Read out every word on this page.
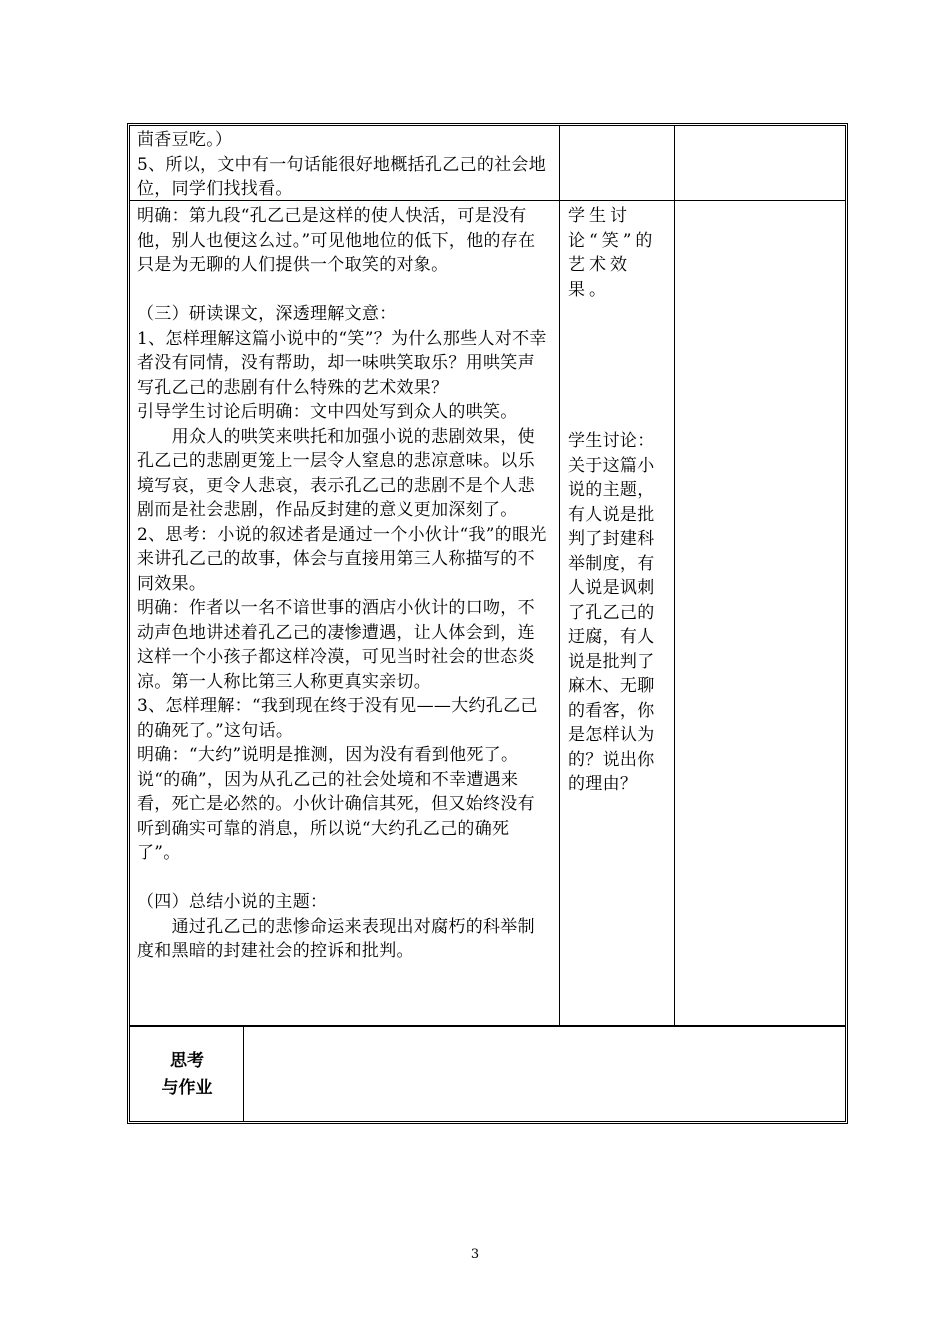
茴香豆吃。）
5、所以，文中有一句话能很好地概括孔乙己的社会地位，同学们找找看。
明确：第九段“孔乙己是这样的使人快活，可是没有他，别人也便这么过。”可见他地位的低下，他的存在只是为无聊的人们提供一个取笑的对象。

（三）研读课文，深透理解文意：
1、怎样理解这篇小说中的“笑”？为什么那些人对不幸者没有同情，没有帮助，却一味哄笑取乐？用哄笑声写孔乙己的悲剧有什么特殊的艺术效果？
引导学生讨论后明确：文中四处写到众人的哄笑。
　　用众人的哄笑来哄托和加强小说的悲剧效果，使孔乙己的悲剧更笼上一层令人窒息的悲凉意味。以乐境写哀，更令人悲哀，表示孔乙己的悲剧不是个人悲剧而是社会悲剧，作品反封建的意义更加深刻了。
2、思考：小说的叙述者是通过一个小伙计“我”的眼光来讲孔乙己的故事，体会与直接用第三人称描写的不同效果。
明确：作者以一名不谙世事的酒店小伙计的口吻，不动声色地讲述着孔乙己的凄惨遭遇，让人体会到，连这样一个小孩子都这样冷漠，可见当时社会的世态炎凉。第一人称比第三人称更真实亲切。
3、怎样理解：“我到现在终于没有见——大约孔乙己的确死了。”这句话。
明确：“大约”说明是推测，因为没有看到他死了。说“的确”，因为从孔乙己的社会处境和不幸遭遇来看，死亡是必然的。小伙计确信其死，但又始终没有听到确实可靠的消息，所以说“大约孔乙己的确死了”。

（四）总结小说的主题：
　　通过孔乙己的悲惨命运来表现出对腐朽的科举制度和黑暗的封建社会的控诉和批判。
学生讨论“笑”的艺术效果。
学生讨论：关于这篇小说的主题，有人说是批判了封建科举制度，有人说是讽刺了孔乙己的迂腐，有人说是批判了麻木、无聊的看客，你是怎样认为的？说出你的理由？
思考
与作业
3
